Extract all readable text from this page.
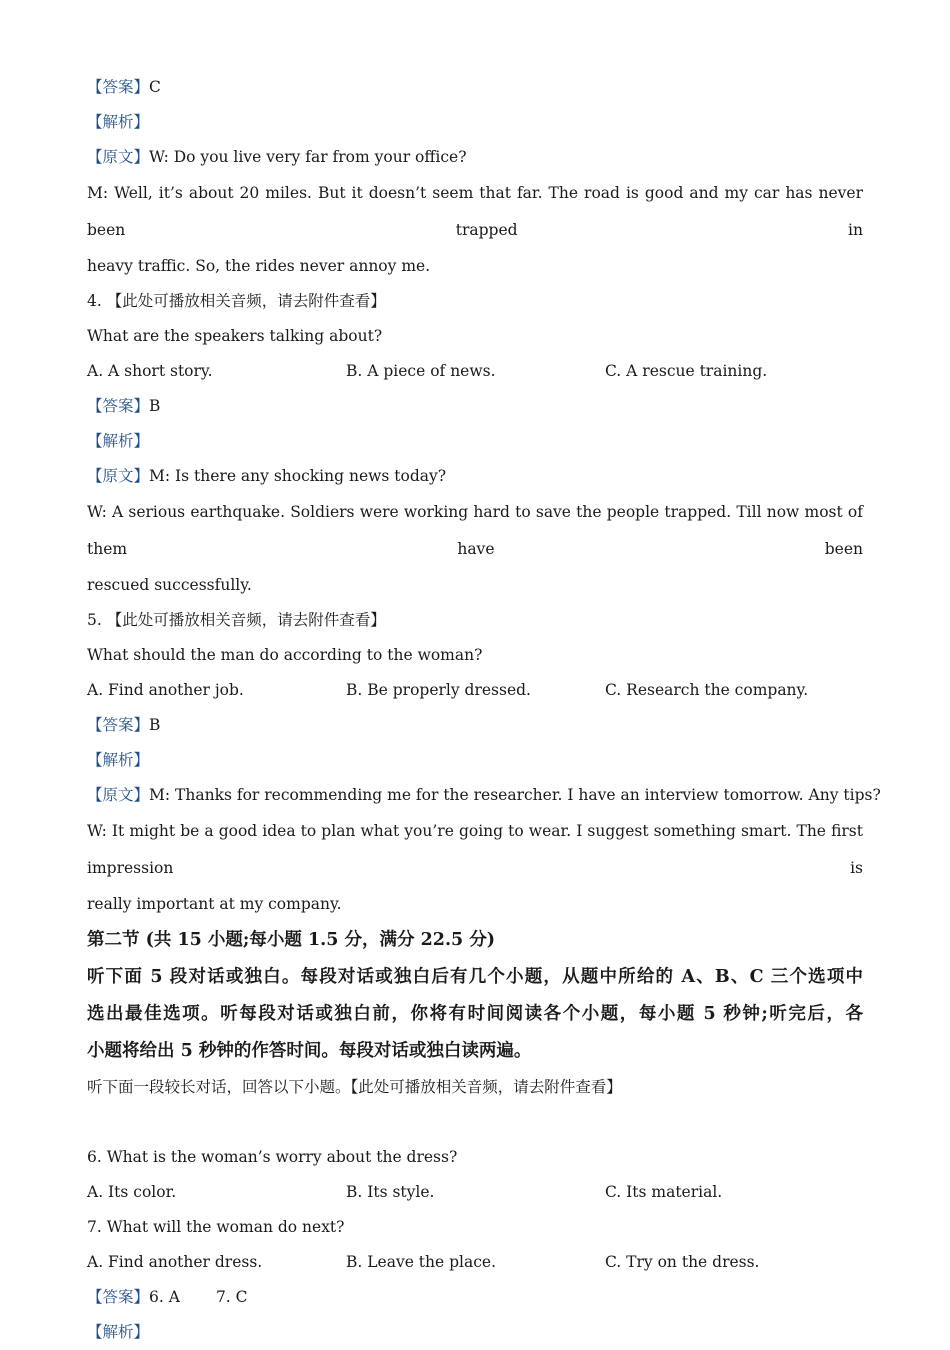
【答案】C
【解析】
【原文】W: Do you live very far from your office?
M: Well, it’s about 20 miles. But it doesn’t seem that far. The road is good and my car has never been trapped in
heavy traffic. So, the rides never annoy me.
4. 【此处可播放相关音频，请去附件查看】
What are the speakers talking about?
A. A short story.	B. A piece of news.	C. A rescue training.
【答案】B
【解析】
【原文】M: Is there any shocking news today?
W: A serious earthquake. Soldiers were working hard to save the people trapped. Till now most of them have been
rescued successfully.
5. 【此处可播放相关音频，请去附件查看】
What should the man do according to the woman?
A. Find another job.	B. Be properly dressed.	C. Research the company.
【答案】B
【解析】
【原文】M: Thanks for recommending me for the researcher. I have an interview tomorrow. Any tips?
W: It might be a good idea to plan what you’re going to wear. I suggest something smart. The first impression is
really important at my company.
第二节 (共 15 小题;每小题 1.5 分，满分 22.5 分)
听下面 5 段对话或独白。每段对话或独白后有几个小题，从题中所给的 A、B、C 三个选项中
选出最佳选项。听每段对话或独白前，你将有时间阅读各个小题，每小题 5 秒钟;听完后，各
小题将给出 5 秒钟的作答时间。每段对话或独白读两遍。
听下面一段较长对话，回答以下小题。【此处可播放相关音频，请去附件查看】
6. What is the woman’s worry about the dress?
A. Its color.	B. Its style.	C. Its material.
7. What will the woman do next?
A. Find another dress.	B. Leave the place.	C. Try on the dress.
【答案】6. A 7. C
【解析】
